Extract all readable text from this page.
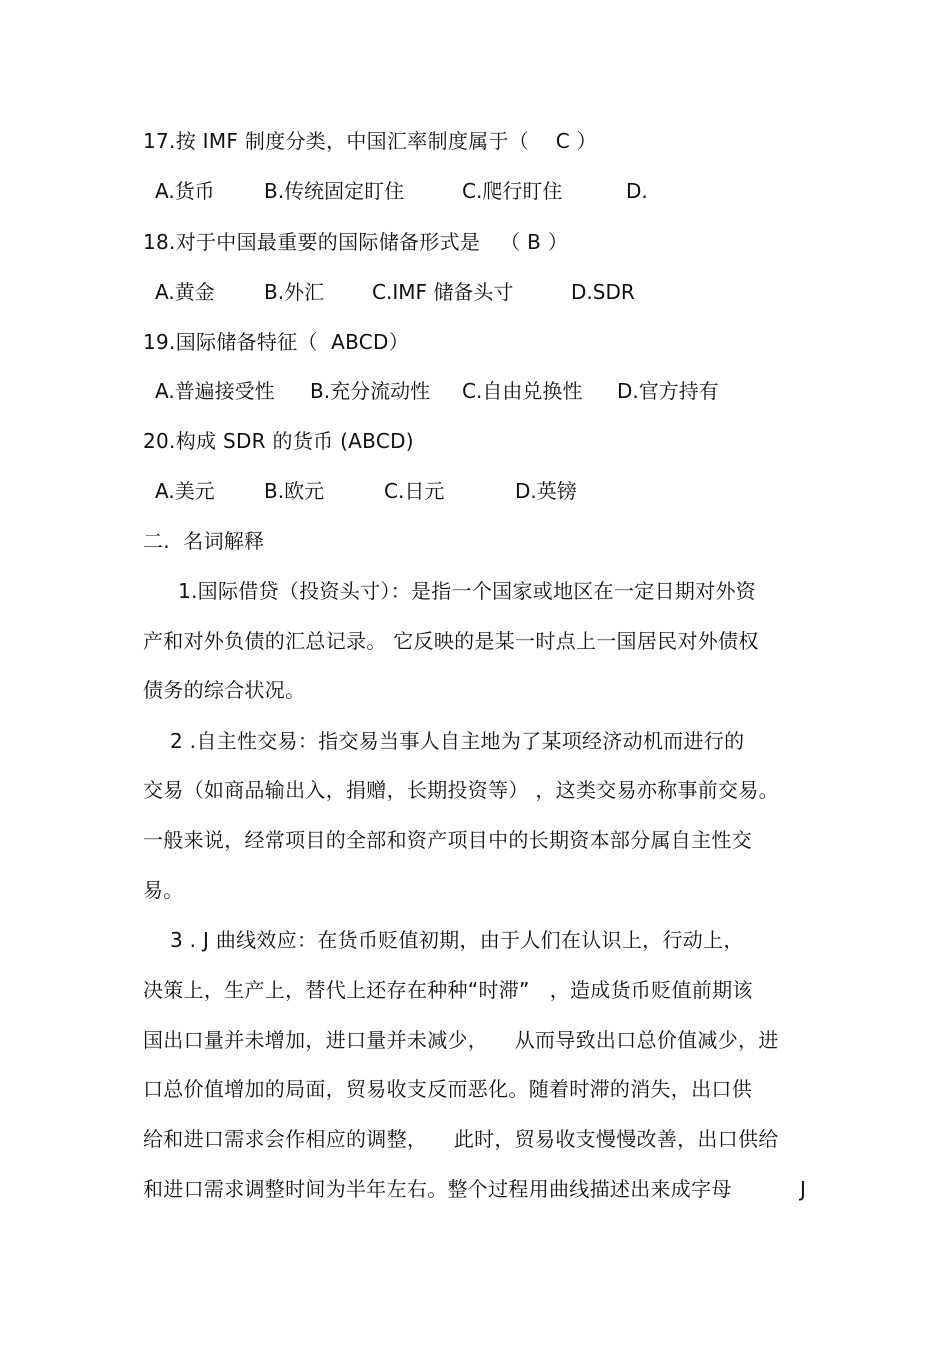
17.按 IMF 制度分类，中国汇率制度属于（    C ）
A.货币 B.传统固定盯住	C.爬行盯住	D.
18.对于中国最重要的国际储备形式是   （ B ）
A.黄金 B.外汇 C.IMF 储备头寸	D.SDR
19.国际储备特征（  ABCD）
A.普遍接受性 B.充分流动性 C.自由兑换性 D.官方持有
20.构成 SDR 的货币 (ABCD)
A.美元 B.欧元	C.日元	D.英镑
二.  名词解释
1.国际借贷（投资头寸）：是指一个国家或地区在一定日期对外资
产和对外负债的汇总记录。 它反映的是某一时点上一国居民对外债权
债务的综合状况。
2 .自主性交易：指交易当事人自主地为了某项经济动机而进行的
交易（如商品输出入，捐赠，长期投资等） ，这类交易亦称事前交易。
一般来说，经常项目的全部和资产项目中的长期资本部分属自主性交
易。
3 . J 曲线效应：在货币贬值初期，由于人们在认识上，行动上，
决策上，生产上，替代上还存在种种“时滞”   ，造成货币贬值前期该
国出口量并未增加，进口量并未减少，    从而导致出口总价值减少，进
口总价值增加的局面，贸易收支反而恶化。随着时滞的消失，出口供
给和进口需求会作相应的调整，    此时，贸易收支慢慢改善，出口供给
和进口需求调整时间为半年左右。整个过程用曲线描述出来成字母	J
